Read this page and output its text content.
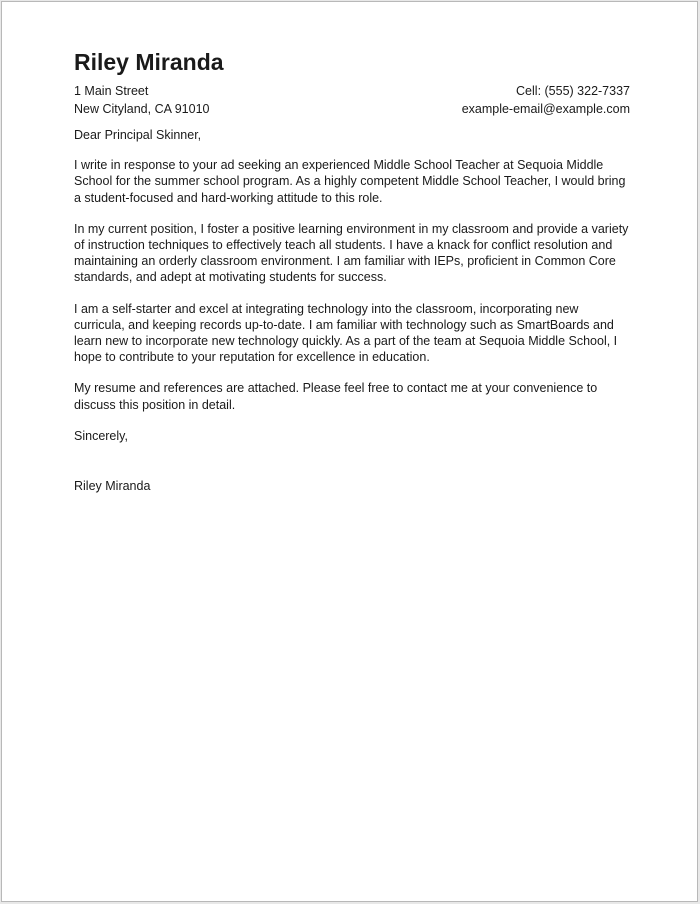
Riley Miranda
1 Main Street
New Cityland, CA 91010
Cell: (555) 322-7337
example-email@example.com

Dear Principal Skinner,

I write in response to your ad seeking an experienced Middle School Teacher at Sequoia Middle School for the summer school program. As a highly competent Middle School Teacher, I would bring a student-focused and hard-working attitude to this role.

In my current position, I foster a positive learning environment in my classroom and provide a variety of instruction techniques to effectively teach all students. I have a knack for conflict resolution and maintaining an orderly classroom environment. I am familiar with IEPs, proficient in Common Core standards, and adept at motivating students for success.

I am a self-starter and excel at integrating technology into the classroom, incorporating new curricula, and keeping records up-to-date. I am familiar with technology such as SmartBoards and learn new to incorporate new technology quickly. As a part of the team at Sequoia Middle School, I hope to contribute to your reputation for excellence in education.

My resume and references are attached. Please feel free to contact me at your convenience to discuss this position in detail.

Sincerely,

Riley Miranda
